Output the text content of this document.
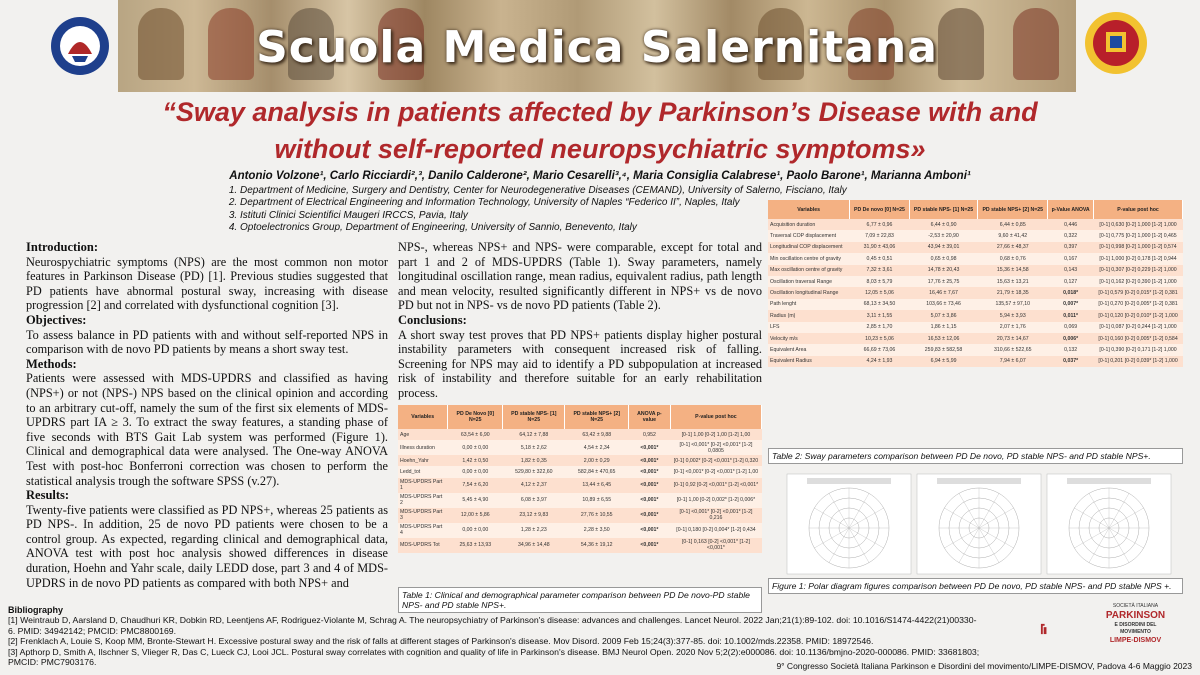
Scuola Medica Salernitana
“Sway analysis in patients affected by Parkinson’s Disease with and
without self-reported neuropsychiatric symptoms»
Antonio Volzone¹, Carlo Ricciardi²,³, Danilo Calderone², Mario Cesarelli³,⁴, Maria Consiglia Calabrese¹, Paolo Barone¹, Marianna Amboni¹
1. Department of Medicine, Surgery and Dentistry, Center for Neurodegenerative Diseases (CEMAND), University of Salerno, Fisciano, Italy
2. Department of Electrical Engineering and Information Technology, University of Naples “Federico II”, Naples, Italy
3. Istituti Clinici Scientifici Maugeri IRCCS, Pavia, Italy
4. Optoelectronics Group, Department of Engineering, University of Sannio, Benevento, Italy
Introduction:

Neurospychiatric symptoms (NPS) are the most common non motor features in Parkinson Disease (PD) [1]. Previous studies suggested that PD patients have abnormal postural sway, increasing with disease progression [2] and correlated with dysfunctional cognition [3].

Objectives:

To assess balance in PD patients with and without self-reported NPS in comparison with de novo PD patients by means a short sway test.

Methods:

Patients were assessed with MDS-UPDRS and classified as having (NPS+) or not (NPS-) NPS based on the clinical opinion and according to an arbitrary cut-off, namely the sum of the first six elements of MDS-UPDRS part IA ≥ 3. To extract the sway features, a standing phase of five seconds with BTS Gait Lab system was performed (Figure 1). Clinical and demographical data were analysed. The One-way ANOVA Test with post-hoc Bonferroni correction was chosen to perform the statistical analysis trough the software SPSS (v.27).

Results:

Twenty-five patients were classified as PD NPS+, whereas 25 patients as PD NPS-. In addition, 25 de novo PD patients were chosen to be a control group. As expected, regarding clinical and demographical data, ANOVA test with post hoc analysis showed differences in disease duration, Hoehn and Yahr scale, daily LEDD dose, part 3 and 4 of MDS-UPDRS in de novo PD patients as compared with both NPS+ and

NPS-, whereas NPS+ and NPS- were comparable, except for total and part 1 and 2 of MDS-UPDRS (Table 1). Sway parameters, namely longitudinal oscillation range, mean radius, equivalent radius, path length and mean velocity, resulted significantly different in NPS+ vs de novo PD but not in NPS- vs de novo PD patients (Table 2).

Conclusions:

A short sway test proves that PD NPS+ patients display higher postural instability parameters with consequent increased risk of falling. Screening for NPS may aid to identify a PD subpopulation at increased risk of instability and therefore suitable for an early rehabilitation process.

Variables	PD De Novo [0] N=25	PD stable NPS- [1] N=25	PD stable NPS+ [2] N=25	ANOVA p-value	P-value post hoc
Age	63,54 ± 6,90	64,12 ± 7,88	63,42 ± 9,88	0,952	[0-1] 1,00 [0-2] 1,00 [1-2] 1,00
Illness duration	0,00 ± 0,00	5,18 ± 2,62	4,54 ± 2,34	<0,001*	[0-1] <0,001* [0-2] <0,001* [1-2] 0,0805
Hoehn_Yahr	1,42 ± 0,50	1,82 ± 0,35	2,00 ± 0,29	<0,001*	[0-1] 0,002* [0-2] <0,001* [1-2] 0,320
Ledd_tot	0,00 ± 0,00	529,80 ± 322,60	582,84 ± 470,65	<0,001*	[0-1] <0,001* [0-2] <0,001* [1-2] 1,00
MDS-UPDRS Part 1	7,54 ± 6,20	4,12 ± 2,37	13,44 ± 6,45	<0,001*	[0-1] 0,92 [0-2] <0,001* [1-2] <0,001*
MDS-UPDRS Part 2	5,45 ± 4,90	6,08 ± 3,97	10,89 ± 6,55	<0,001*	[0-1] 1,00 [0-2] 0,002* [1-2] 0,006*
MDS-UPDRS Part 3	12,00 ± 5,86	23,12 ± 9,83	27,76 ± 10,55	<0,001*	[0-1] <0,001* [0-2] <0,001* [1-2] 0,216
MDS-UPDRS Part 4	0,00 ± 0,00	1,28 ± 2,23	2,28 ± 3,50	<0,001*	[0-1] 0,180 [0-2] 0,004* [1-2] 0,434
MDS-UPDRS Tot	25,63 ± 13,93	34,96 ± 14,48	54,36 ± 19,12	<0,001*	[0-1] 0,163 [0-2] <0,001* [1-2] <0,001*
Table 1: Clinical and demographical parameter comparison between PD De novo-PD stable NPS- and PD stable NPS+.
Variables	PD De novo [0] N=25	PD stable NPS- [1] N=25	PD stable NPS+ [2] N=25	p-Value ANOVA	P-value post hoc
Acquisition duration	6,77 ± 0,96	6,44 ± 0,90	6,44 ± 0,85	0,446	[0-1] 0,630 [0-2] 1,000 [1-2] 1,000
Traversal COP displacement	7,09 ± 22,83	-2,53 ± 20,90	9,60 ± 41,42	0,322	[0-1] 0,775 [0-2] 1,000 [1-2] 0,465
Longitudinal COP displacement	31,90 ± 43,06	43,94 ± 39,01	27,66 ± 48,37	0,397	[0-1] 0,998 [0-2] 1,000 [1-2] 0,574
Min oscillation centre of gravity	0,45 ± 0,51	0,65 ± 0,98	0,68 ± 0,76	0,167	[0-1] 1,000 [0-2] 0,178 [1-2] 0,944
Max oscillation centre of gravity	7,32 ± 3,61	14,78 ± 20,43	15,36 ± 14,58	0,143	[0-1] 0,307 [0-2] 0,229 [1-2] 1,000
Oscillation traversal Range	8,03 ± 5,79	17,76 ± 25,75	15,63 ± 13,21	0,127	[0-1] 0,162 [0-2] 0,390 [1-2] 1,000
Oscillation longitudinal Range	12,05 ± 5,06	16,46 ± 7,67	21,79 ± 18,35	0,018*	[0-1] 0,579 [0-2] 0,015* [1-2] 0,381
Path lenght	68,13 ± 34,50	103,66 ± 73,46	135,57 ± 97,10	0,007*	[0-1] 0,270 [0-2] 0,005* [1-2] 0,381
Radius (m)	3,11 ± 1,55	5,07 ± 3,86	5,94 ± 3,93	0,011*	[0-1] 0,120 [0-2] 0,010* [1-2] 1,000
LFS	2,85 ± 1,70	1,86 ± 1,15	2,07 ± 1,76	0,069	[0-1] 0,087 [0-2] 0,244 [1-2] 1,000
Velocity m/s	10,23 ± 5,06	16,53 ± 12,06	20,73 ± 14,67	0,006*	[0-1] 0,160 [0-2] 0,005* [1-2] 0,584
Equivalent Area	66,69 ± 73,06	259,83 ± 582,58	310,66 ± 522,65	0,132	[0-1] 0,390 [0-2] 0,171 [1-2] 1,000
Equivalent Radius	4,24 ± 1,93	6,94 ± 5,99	7,94 ± 6,07	0,037*	[0-1] 0,201 [0-2] 0,039* [1-2] 1,000
Table 2: Sway parameters comparison between PD De novo, PD stable NPS- and PD stable NPS+.
Figure 1: Polar diagram figures comparison between PD De novo, PD stable NPS- and PD stable NPS +.
Bibliography

[1] Weintraub D, Aarsland D, Chaudhuri KR, Dobkin RD, Leentjens AF, Rodriguez-Violante M, Schrag A. The neuropsychiatry of Parkinson's disease: advances and challenges. Lancet Neurol. 2022 Jan;21(1):89-102. doi: 10.1016/S1474-4422(21)00330-6. PMID: 34942142; PMCID: PMC8800169.

[2] Frenklach A, Louie S, Koop MM, Bronte-Stewart H. Excessive postural sway and the risk of falls at different stages of Parkinson's disease. Mov Disord. 2009 Feb 15;24(3):377-85. doi: 10.1002/mds.22358. PMID: 18972546.

[3] Apthorp D, Smith A, Ilschner S, Vlieger R, Das C, Lueck CJ, Looi JCL. Postural sway correlates with cognition and quality of life in Parkinson's disease. BMJ Neurol Open. 2020 Nov 5;2(2):e000086. doi: 10.1136/bmjno-2020-000086. PMID: 33681803; PMCID: PMC7903176.

SOCIETÀ ITALIANA
PARKINSON
E DISORDINI DEL
MOVIMENTO
LIMPE-DISMOV
9° Congresso Società Italiana Parkinson e Disordini del movimento/LIMPE-DISMOV, Padova 4-6 Maggio 2023
